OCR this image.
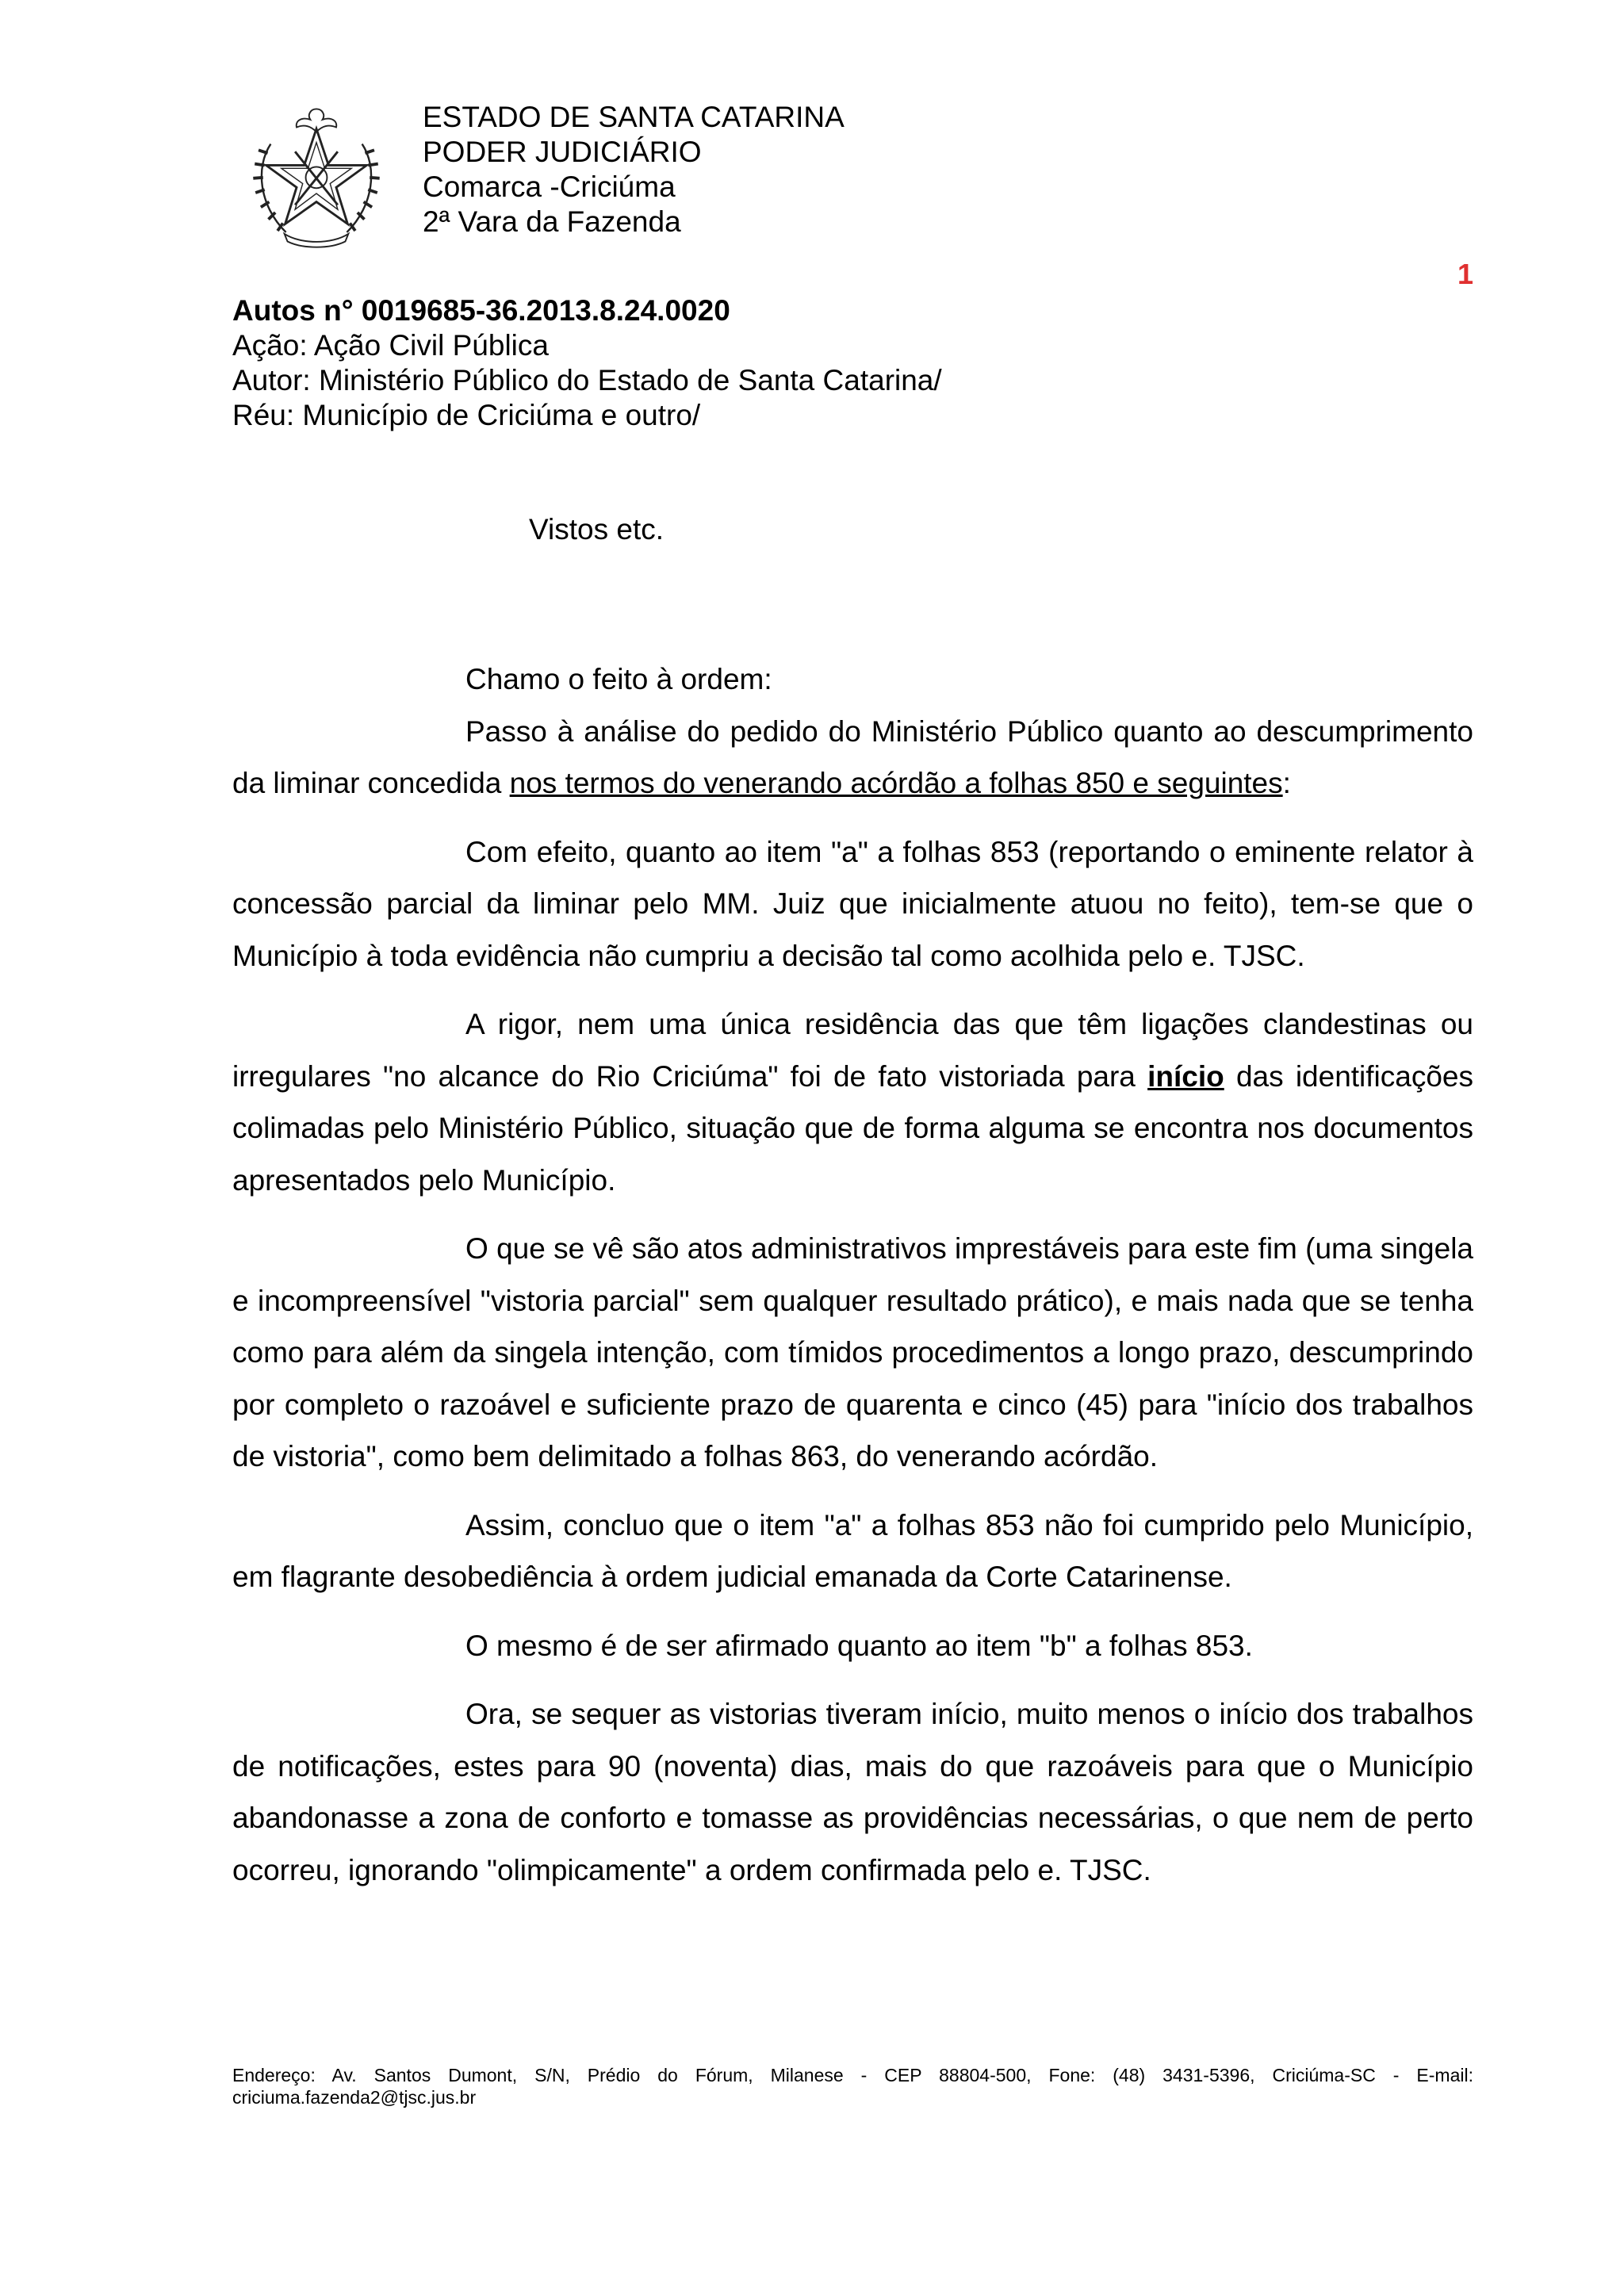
ESTADO DE SANTA CATARINA
PODER JUDICIÁRIO
Comarca -Criciúma
2ª Vara da Fazenda
1
Autos n° 0019685-36.2013.8.24.0020
Ação: Ação Civil Pública
Autor: Ministério Público do Estado de Santa Catarina/
Réu: Município de Criciúma e outro/
Vistos etc.

Chamo o feito à ordem:

Passo à análise do pedido do Ministério Público quanto ao descumprimento da liminar concedida nos termos do venerando acórdão a folhas 850 e seguintes:

Com efeito, quanto ao item "a" a folhas 853 (reportando o eminente relator à concessão parcial da liminar pelo MM. Juiz que inicialmente atuou no feito), tem-se que o Município à toda evidência não cumpriu a decisão tal como acolhida pelo e. TJSC.

A rigor, nem uma única residência das que têm ligações clandestinas ou irregulares "no alcance do Rio Criciúma" foi de fato vistoriada para início das identificações colimadas pelo Ministério Público, situação que de forma alguma se encontra nos documentos apresentados pelo Município.

O que se vê são atos administrativos imprestáveis para este fim (uma singela e incompreensível "vistoria parcial" sem qualquer resultado prático), e mais nada que se tenha como para além da singela intenção, com tímidos procedimentos a longo prazo, descumprindo por completo o razoável e suficiente prazo de quarenta e cinco (45) para "início dos trabalhos de vistoria", como bem delimitado a folhas 863, do venerando acórdão.

Assim, concluo que o item "a" a folhas 853 não foi cumprido pelo Município, em flagrante desobediência à ordem judicial emanada da Corte Catarinense.

O mesmo é de ser afirmado quanto ao item "b" a folhas 853.

Ora, se sequer as vistorias tiveram início, muito menos o início dos trabalhos de notificações, estes para 90 (noventa) dias, mais do que razoáveis para que o Município abandonasse a zona de conforto e tomasse as providências necessárias, o que nem de perto ocorreu, ignorando "olimpicamente" a ordem confirmada pelo e. TJSC.

Endereço: Av. Santos Dumont, S/N, Prédio do Fórum, Milanese - CEP 88804-500, Fone: (48) 3431-5396, Criciúma-SC - E-mail:
criciuma.fazenda2@tjsc.jus.br
